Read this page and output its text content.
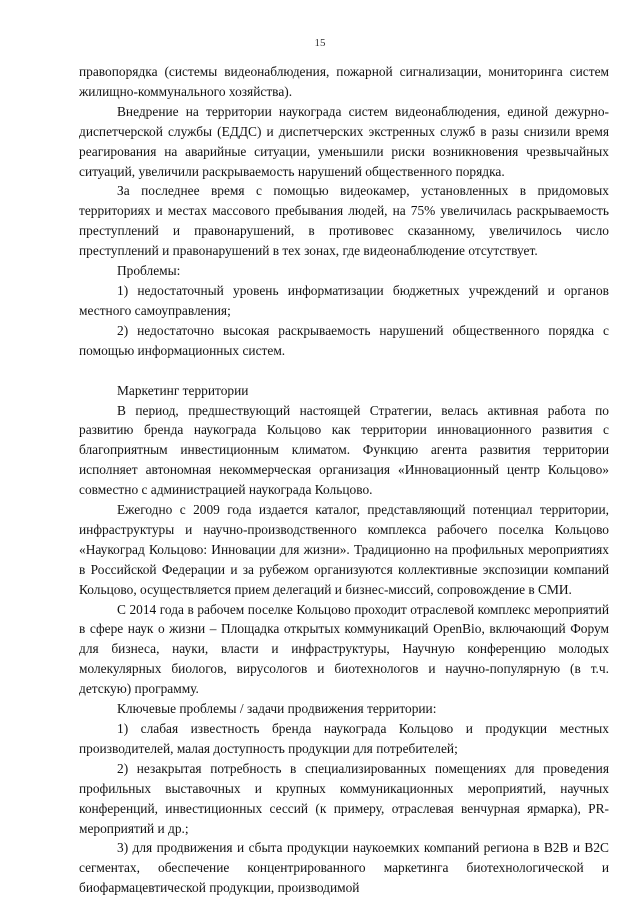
15

правопорядка (системы видеонаблюдения, пожарной сигнализации, мониторинга систем жилищно-коммунального хозяйства).

Внедрение на территории наукограда систем видеонаблюдения, единой дежурно-диспетчерской службы (ЕДДС) и диспетчерских экстренных служб в разы снизили время реагирования на аварийные ситуации, уменьшили риски возникновения чрезвычайных ситуаций, увеличили раскрываемость нарушений общественного порядка.

За последнее время с помощью видеокамер, установленных в придомовых территориях и местах массового пребывания людей, на 75% увеличилась раскрываемость преступлений и правонарушений, в противовес сказанному, увеличилось число преступлений и правонарушений в тех зонах, где видеонаблюдение отсутствует.

Проблемы:

1) недостаточный уровень информатизации бюджетных учреждений и органов местного самоуправления;

2) недостаточно высокая раскрываемость нарушений общественного порядка с помощью информационных систем.

Маркетинг территории

В период, предшествующий настоящей Стратегии, велась активная работа по развитию бренда наукограда Кольцово как территории инновационного развития с благоприятным инвестиционным климатом. Функцию агента развития территории исполняет автономная некоммерческая организация «Инновационный центр Кольцово» совместно с администрацией наукограда Кольцово.

Ежегодно с 2009 года издается каталог, представляющий потенциал территории, инфраструктуры и научно-производственного комплекса рабочего поселка Кольцово «Наукоград Кольцово: Инновации для жизни». Традиционно на профильных мероприятиях в Российской Федерации и за рубежом организуются коллективные экспозиции компаний Кольцово, осуществляется прием делегаций и бизнес-миссий, сопровождение в СМИ.

С 2014 года в рабочем поселке Кольцово проходит отраслевой комплекс мероприятий в сфере наук о жизни – Площадка открытых коммуникаций OpenBio, включающий Форум для бизнеса, науки, власти и инфраструктуры, Научную конференцию молодых молекулярных биологов, вирусологов и биотехнологов и научно-популярную (в т.ч. детскую) программу.

Ключевые проблемы / задачи продвижения территории:

1) слабая известность бренда наукограда Кольцово и продукции местных производителей, малая доступность продукции для потребителей;

2) незакрытая потребность в специализированных помещениях для проведения профильных выставочных и крупных коммуникационных мероприятий, научных конференций, инвестиционных сессий (к примеру, отраслевая венчурная ярмарка), PR-мероприятий и др.;

3) для продвижения и сбыта продукции наукоемких компаний региона в B2B и B2C сегментах, обеспечение концентрированного маркетинга биотехнологической и биофармацевтической продукции, производимой
